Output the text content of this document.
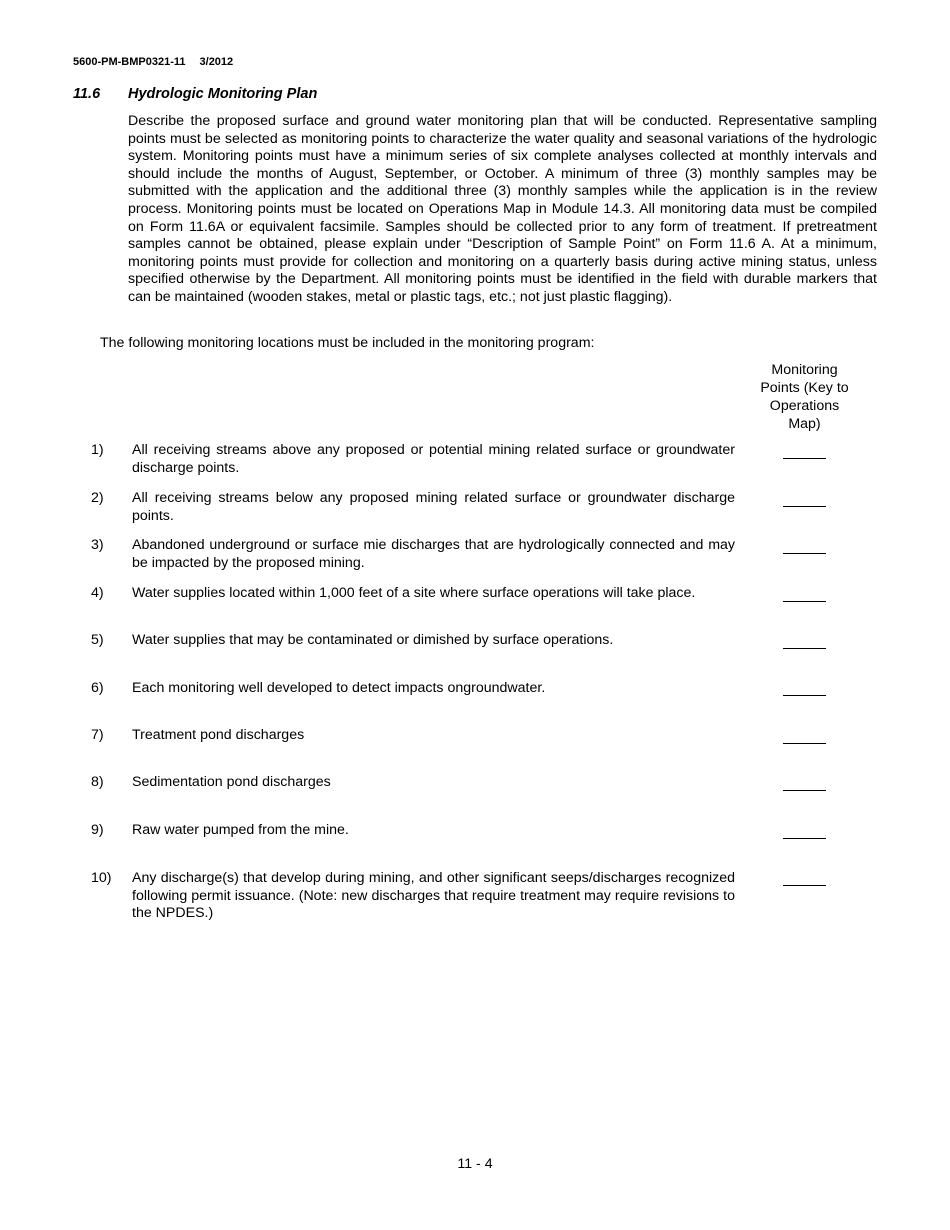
5600-PM-BMP0321-11 3/2012
11.6 Hydrologic Monitoring Plan

Describe the proposed surface and ground water monitoring plan that will be conducted. Representative sampling points must be selected as monitoring points to characterize the water quality and seasonal variations of the hydrologic system. Monitoring points must have a minimum series of six complete analyses collected at monthly intervals and should include the months of August, September, or October. A minimum of three (3) monthly samples may be submitted with the application and the additional three (3) monthly samples while the application is in the review process. Monitoring points must be located on Operations Map in Module 14.3. All monitoring data must be compiled on Form 11.6A or equivalent facsimile. Samples should be collected prior to any form of treatment. If pretreatment samples cannot be obtained, please explain under “Description of Sample Point” on Form 11.6 A. At a minimum, monitoring points must provide for collection and monitoring on a quarterly basis during active mining status, unless specified otherwise by the Department. All monitoring points must be identified in the field with durable markers that can be maintained (wooden stakes, metal or plastic tags, etc.; not just plastic flagging).

The following monitoring locations must be included in the monitoring program:
Monitoring Points (Key to Operations Map)
1) All receiving streams above any proposed or potential mining related surface or groundwater discharge points.
2) All receiving streams below any proposed mining related surface or groundwater discharge points.
3) Abandoned underground or surface mie discharges that are hydrologically connected and may be impacted by the proposed mining.
4) Water supplies located within 1,000 feet of a site where surface operations will take place.
5) Water supplies that may be contaminated or dimished by surface operations.
6) Each monitoring well developed to detect impacts ongroundwater.
7) Treatment pond discharges
8) Sedimentation pond discharges
9) Raw water pumped from the mine.
10) Any discharge(s) that develop during mining, and other significant seeps/discharges recognized following permit issuance. (Note: new discharges that require treatment may require revisions to the NPDES.)
11 - 4
